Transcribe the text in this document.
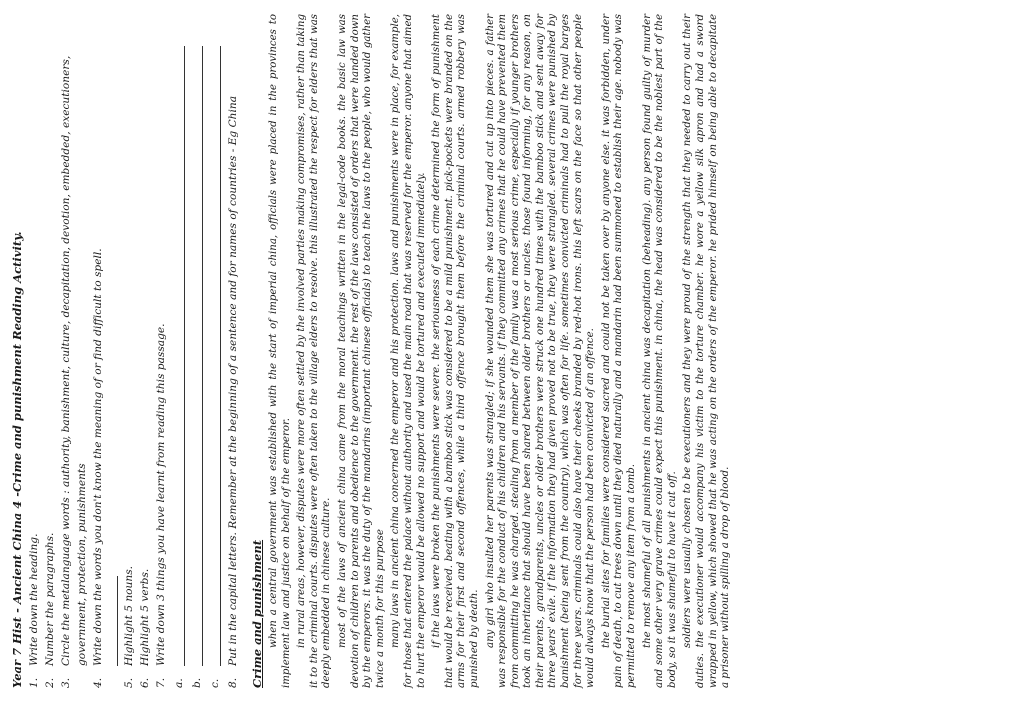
Year 7 Hist - Ancient China 4 -Crime and punishment Reading Activity. 1.
Write down the heading.
2.
Number the paragraphs.
3.
Circle the metalanguage words : authority, banishment, culture, decapitation, devotion, embedded, executioners, government, protection, punishments
4.
Write down the words you don't know the meaning of or find difficult to spell.
5.
Highlight 5 nouns.
6.
Highlight 5 verbs.
7.
Write down 3 things you have learnt from reading this passage.
a. b. c. 8.
Put in the capital letters. Remember at the beginning of a sentence and for names of countries - Eg China Crime and punishment when a central government was established with the start of imperial china, officials were placed in the provinces to implement law and justice on behalf of the emperor. in rural areas, however, disputes were more often settled by the involved parties making compromises, rather than taking it to the criminal courts. disputes were often taken to the village elders to resolve. this illustrated the respect for elders that was deeply embedded in chinese culture. most of the laws of ancient china came from the moral teachings written in the legal-code books. the basic law was devotion of children to parents and obedience to the government. the rest of the laws consisted of orders that were handed down by the emperors. it was the duty of the mandarins (important chinese officials) to teach the laws to the people, who would gather twice a month for this purpose many laws in ancient china concerned the emperor and his protection. laws and punishments were in place, for example, for those that entered the palace without authority and used the main road that was reserved for the emperor. anyone that aimed to hurt the emperor would be allowed no support and would be tortured and executed immediately. if the laws were broken the punishments were severe. the seriousness of each crime determined the form of punishment that would be received. beating with a bamboo stick was considered to be a mild punishment. pick-pockets were branded on the arms for their first and second offences, while a third offence brought them before the criminal courts. armed robbery was punished by death. any girl who insulted her parents was strangled; if she wounded them she was tortured and cut up into pieces. a father was responsible for the conduct of his children and his servants. if they committed any crimes that he could have prevented them from committing he was charged. stealing from a member of the family was a most serious crime, especially if younger brothers took an inheritance that should have been shared between older brothers or uncles. those found informing, for any reason, on their parents, grandparents, uncles or older brothers were struck one hundred times with the bamboo stick and sent away for three years' exile. if the information they had given proved not to be true, they were strangled. several crimes were punished by banishment (being sent from the country), which was often for life. sometimes convicted criminals had to pull the royal barges for three years. criminals could also have their cheeks branded by red-hot irons. this left scars on the face so that other people would always know that the person had been convicted of an offence. the burial sites for families were considered sacred and could not be taken over by anyone else. it was forbidden, under pain of death, to cut trees down until they died naturally and a mandarin had been summoned to establish their age. nobody was permitted to remove any item from a tomb. the most shameful of all punishments in ancient china was decapitation (beheading). any person found guilty of murder and some other very grave crimes could expect this punishment. in china, the head was considered to be the noblest part of the body, so it was shameful to have it cut off. soldiers were usually chosen to be executioners and they were proud of the strength that they needed to carry out their duties. the executioner would accompany his victim to the torture chamber. he wore a yellow silk apron and had a sword wrapped in yellow, which showed that he was acting on the orders of the emperor. he prided himself on being able to decapitate a prisoner without spilling a drop of blood.
